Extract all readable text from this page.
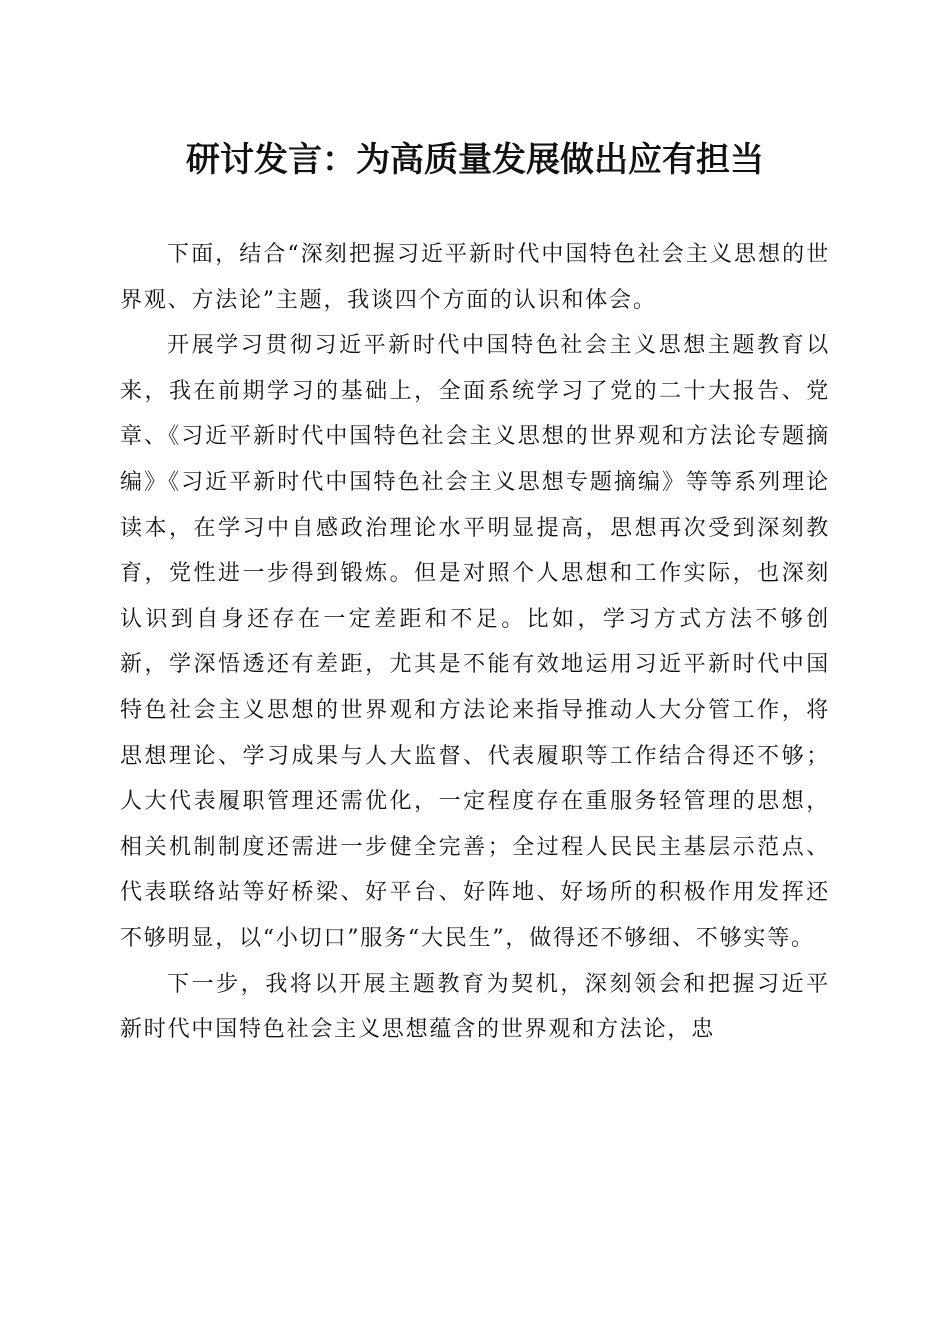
研讨发言：为高质量发展做出应有担当

下面，结合“深刻把握习近平新时代中国特色社会主义思想的世界观、方法论”主题，我谈四个方面的认识和体会。

开展学习贯彻习近平新时代中国特色社会主义思想主题教育以来，我在前期学习的基础上，全面系统学习了党的二十大报告、党章、《习近平新时代中国特色社会主义思想的世界观和方法论专题摘编》《习近平新时代中国特色社会主义思想专题摘编》等等系列理论读本，在学习中自感政治理论水平明显提高，思想再次受到深刻教育，党性进一步得到锻炼。但是对照个人思想和工作实际，也深刻认识到自身还存在一定差距和不足。比如，学习方式方法不够创新，学深悟透还有差距，尤其是不能有效地运用习近平新时代中国特色社会主义思想的世界观和方法论来指导推动人大分管工作，将思想理论、学习成果与人大监督、代表履职等工作结合得还不够；人大代表履职管理还需优化，一定程度存在重服务轻管理的思想，相关机制制度还需进一步健全完善；全过程人民民主基层示范点、代表联络站等好桥梁、好平台、好阵地、好场所的积极作用发挥还不够明显，以“小切口”服务“大民生”，做得还不够细、不够实等。

下一步，我将以开展主题教育为契机，深刻领会和把握习近平新时代中国特色社会主义思想蕴含的世界观和方法论，忠
